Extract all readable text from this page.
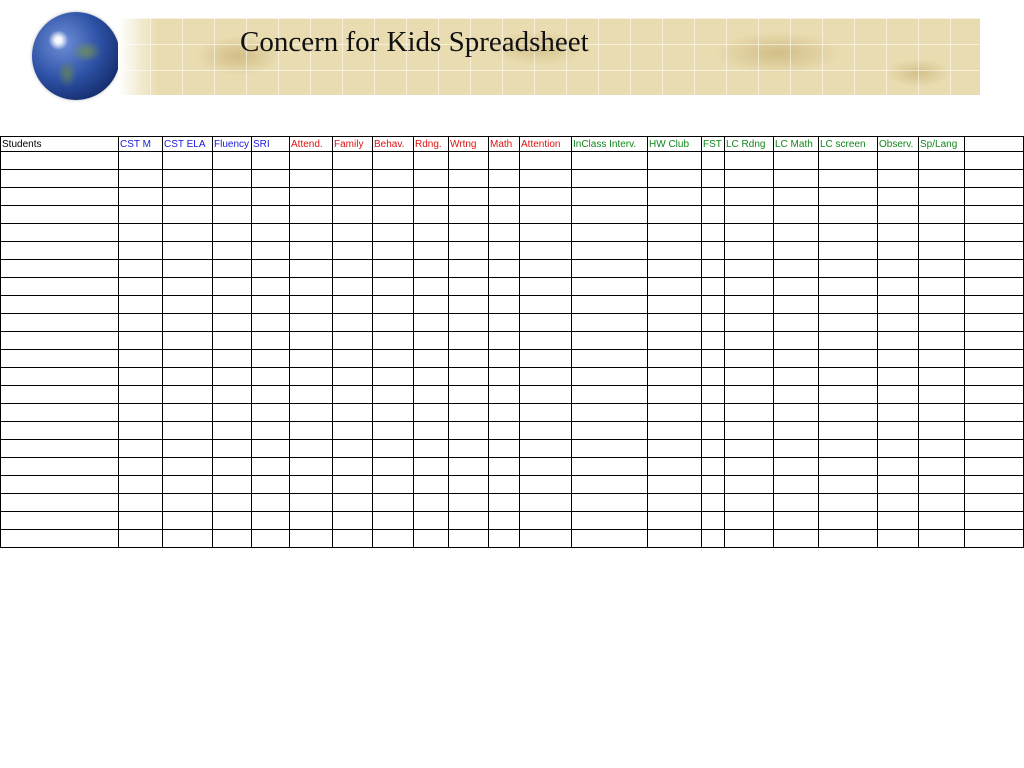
Concern for Kids Spreadsheet
Students	CST M	CST ELA	Fluency	SRI	Attend.	Family	Behav.	Rdng.	Wrtng	Math	Attention	InClass Interv.	HW Club	FST	LC Rdng	LC Math	LC screen	Observ.	Sp/Lang	
